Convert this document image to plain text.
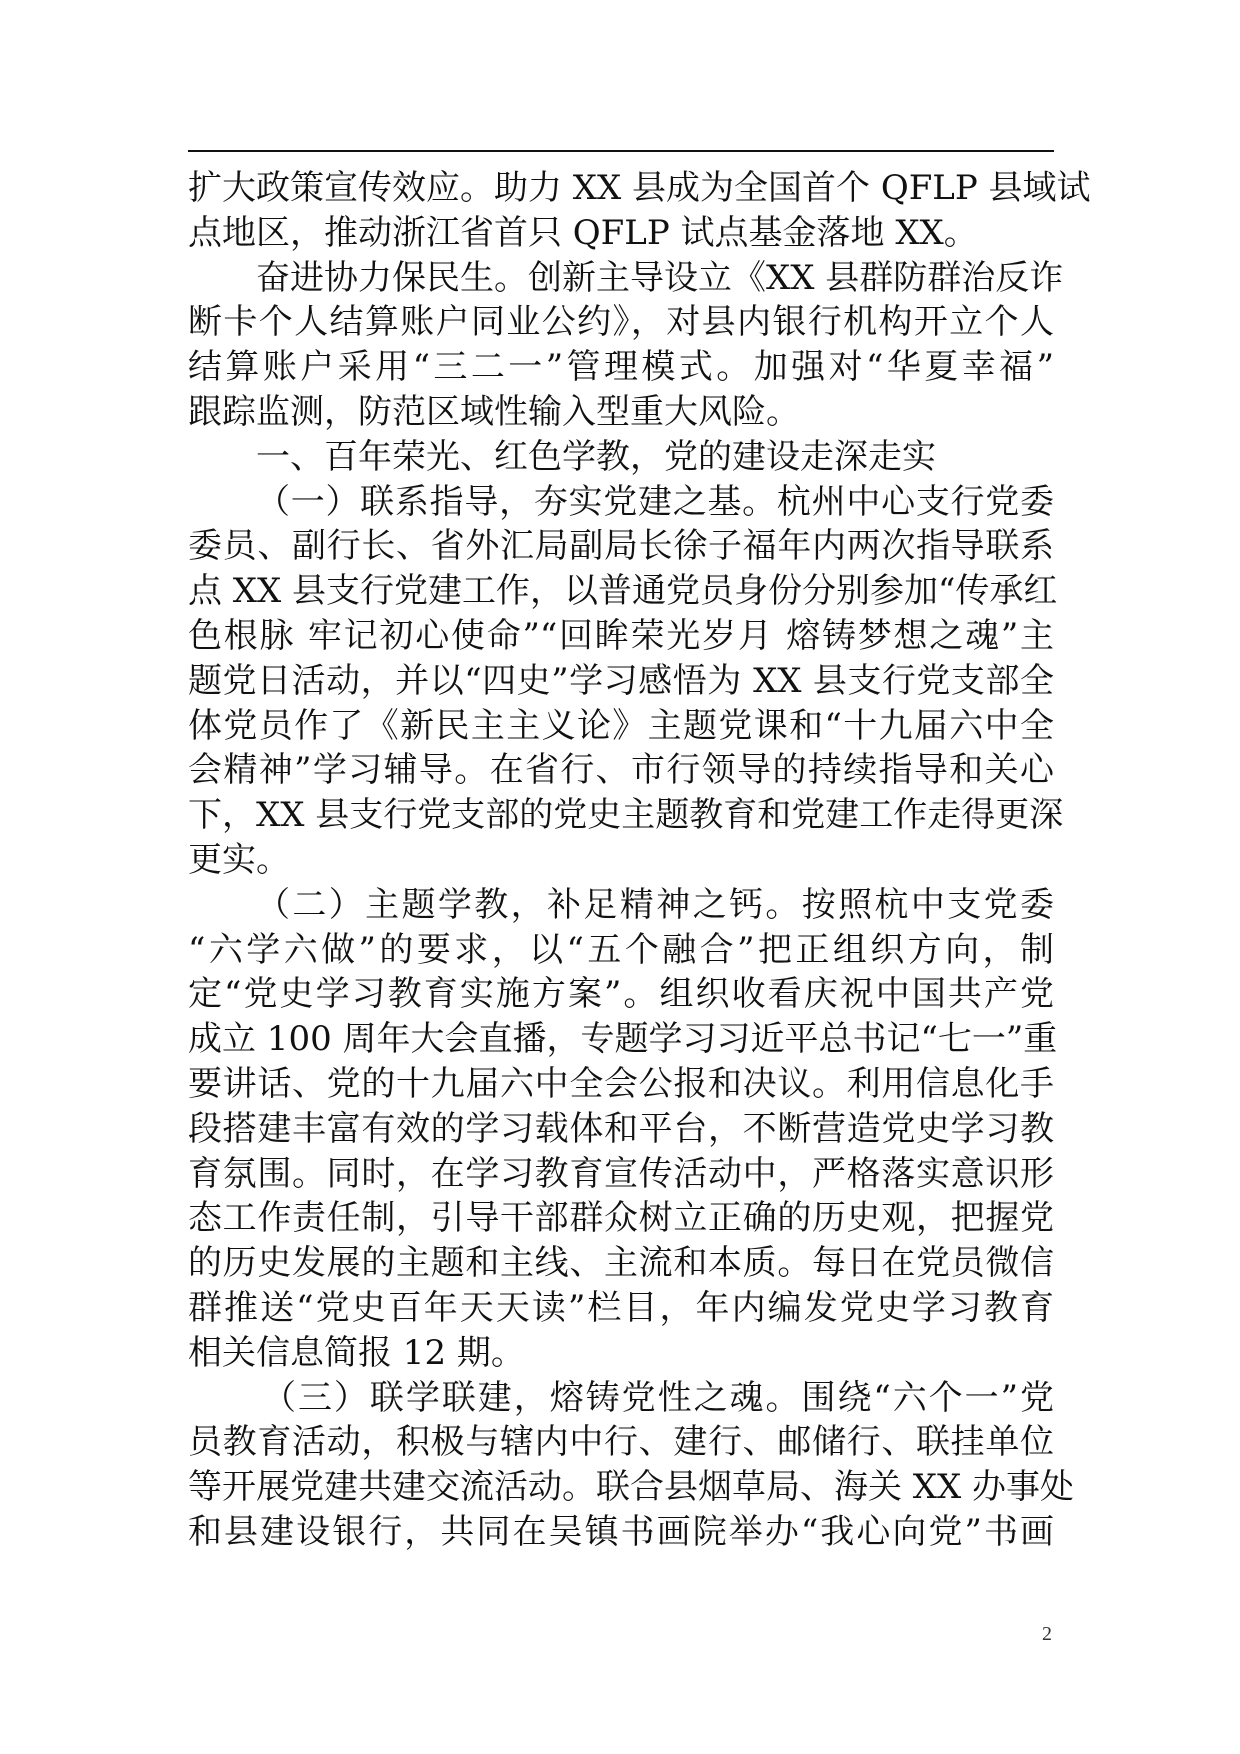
扩大政策宣传效应。助力 XX 县成为全国首个 QFLP 县域试
点地区，推动浙江省首只 QFLP 试点基金落地 XX。
奋进协力保民生。创新主导设立《XX 县群防群治反诈
断卡个人结算账户同业公约》，对县内银行机构开立个人
结算账户采用“三二一”管理模式。加强对“华夏幸福”
跟踪监测，防范区域性输入型重大风险。
一、百年荣光、红色学教，党的建设走深走实
（一）联系指导，夯实党建之基。杭州中心支行党委
委员、副行长、省外汇局副局长徐子福年内两次指导联系
点 XX 县支行党建工作，以普通党员身份分别参加“传承红
色根脉 牢记初心使命”“回眸荣光岁月 熔铸梦想之魂”主
题党日活动，并以“四史”学习感悟为 XX 县支行党支部全
体党员作了《新民主主义论》主题党课和“十九届六中全
会精神”学习辅导。在省行、市行领导的持续指导和关心
下，XX 县支行党支部的党史主题教育和党建工作走得更深
更实。
（二）主题学教，补足精神之钙。按照杭中支党委
“六学六做”的要求，以“五个融合”把正组织方向，制
定“党史学习教育实施方案”。组织收看庆祝中国共产党
成立 100 周年大会直播，专题学习习近平总书记“七一”重
要讲话、党的十九届六中全会公报和决议。利用信息化手
段搭建丰富有效的学习载体和平台，不断营造党史学习教
育氛围。同时，在学习教育宣传活动中，严格落实意识形
态工作责任制，引导干部群众树立正确的历史观，把握党
的历史发展的主题和主线、主流和本质。每日在党员微信
群推送“党史百年天天读”栏目，年内编发党史学习教育
相关信息简报 12 期。
（三）联学联建，熔铸党性之魂。围绕“六个一”党
员教育活动，积极与辖内中行、建行、邮储行、联挂单位
等开展党建共建交流活动。联合县烟草局、海关 XX 办事处
和县建设银行，共同在吴镇书画院举办“我心向党”书画
2
